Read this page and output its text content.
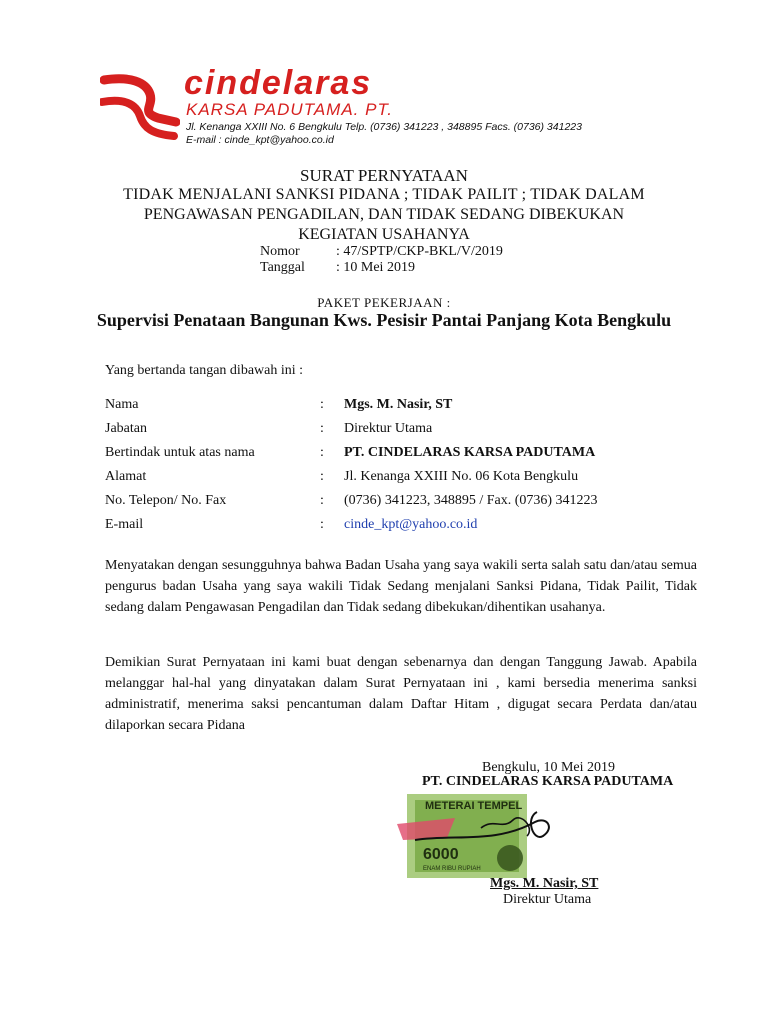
cindelaras
KARSA PADUTAMA. PT.
Jl. Kenanga XXIII No. 6 Bengkulu Telp. (0736) 341223 , 348895 Facs. (0736) 341223
E-mail : cinde_kpt@yahoo.co.id
SURAT PERNYATAAN
TIDAK MENJALANI SANKSI PIDANA ; TIDAK PAILIT ; TIDAK DALAM
PENGAWASAN PENGADILAN, DAN TIDAK SEDANG DIBEKUKAN
KEGIATAN USAHANYA
Nomor	: 47/SPTP/CKP-BKL/V/2019
Tanggal : 10 Mei 2019
PAKET PEKERJAAN :
Supervisi Penataan Bangunan Kws. Pesisir Pantai Panjang Kota Bengkulu
Yang bertanda tangan dibawah ini :
Nama	: Mgs. M. Nasir, ST
Jabatan	: Direktur Utama
Bertindak untuk atas nama	: PT. CINDELARAS KARSA PADUTAMA
Alamat	: Jl. Kenanga XXIII No. 06 Kota Bengkulu
No. Telepon/ No. Fax	: (0736) 341223, 348895 / Fax. (0736) 341223
E-mail	: cinde_kpt@yahoo.co.id
Menyatakan dengan sesungguhnya bahwa Badan Usaha yang saya wakili serta salah satu dan/atau semua pengurus badan Usaha yang saya wakili Tidak Sedang menjalani Sanksi Pidana, Tidak Pailit, Tidak sedang dalam Pengawasan Pengadilan dan Tidak sedang dibekukan/dihentikan usahanya.
Demikian Surat Pernyataan ini kami buat dengan sebenarnya dan dengan Tanggung Jawab. Apabila melanggar hal-hal yang dinyatakan dalam Surat Pernyataan ini , kami bersedia menerima sanksi administratif, menerima saksi pencantuman dalam Daftar Hitam , digugat secara Perdata dan/atau dilaporkan secara Pidana
Bengkulu, 10 Mei 2019
PT. CINDELARAS KARSA PADUTAMA
METERAI TEMPEL
6000
ENAM RIBU RUPIAH
Mgs. M. Nasir, ST
Direktur Utama
